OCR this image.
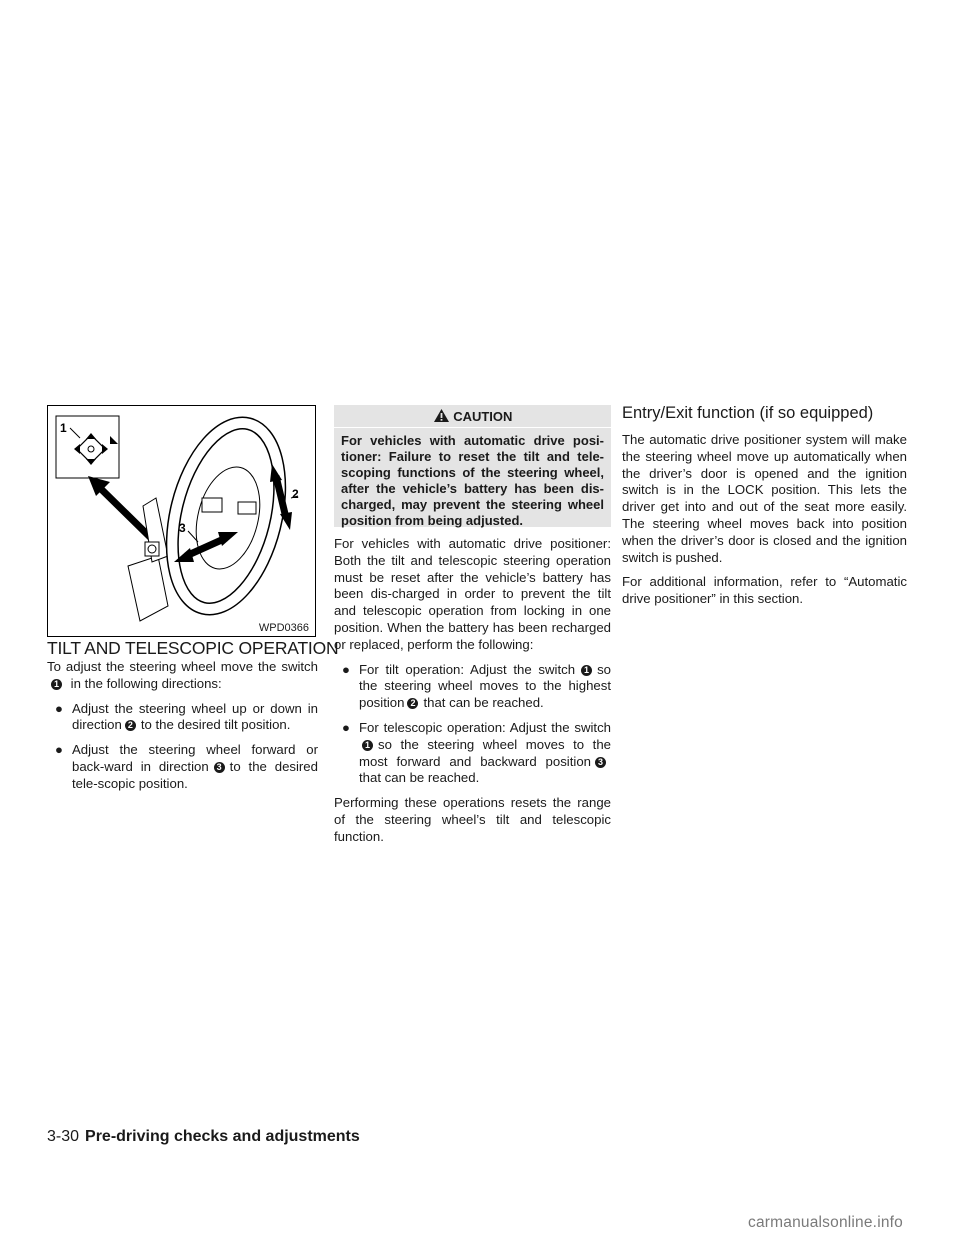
1
2
3
WPD0366
TILT AND TELESCOPIC OPERATION

To adjust the steering wheel move the switch1 in the following directions:

● Adjust the steering wheel up or down in direction 2 to the desired tilt position.
● Adjust the steering wheel forward or back-ward in direction 3 to the desired tele-scopic position.
CAUTION
For vehicles with automatic drive posi-tioner: Failure to reset the tilt and tele-scoping functions of the steering wheel, after the vehicle’s battery has been dis-charged, may prevent the steering wheel position from being adjusted.

For vehicles with automatic drive positioner: Both the tilt and telescopic steering operation must be reset after the vehicle’s battery has been dis-charged in order to prevent the tilt and telescopic operation from locking in one position. When the battery has been recharged or replaced, perform the following:

● For tilt operation: Adjust the switch 1 so the steering wheel moves to the highest position 2 that can be reached.
● For telescopic operation: Adjust the switch1 so the steering wheel moves to the most forward and backward position 3that can be reached.

Performing these operations resets the range of the steering wheel’s tilt and telescopic function.

Entry/Exit function (if so equipped)

The automatic drive positioner system will make the steering wheel move up automatically when the driver’s door is opened and the ignition switch is in the LOCK position. This lets the driver get into and out of the seat more easily. The steering wheel moves back into position when the driver’s door is closed and the ignition switch is pushed.

For additional information, refer to “Automatic drive positioner” in this section.

3-30 Pre-driving checks and adjustments
carmanualsonline.info
